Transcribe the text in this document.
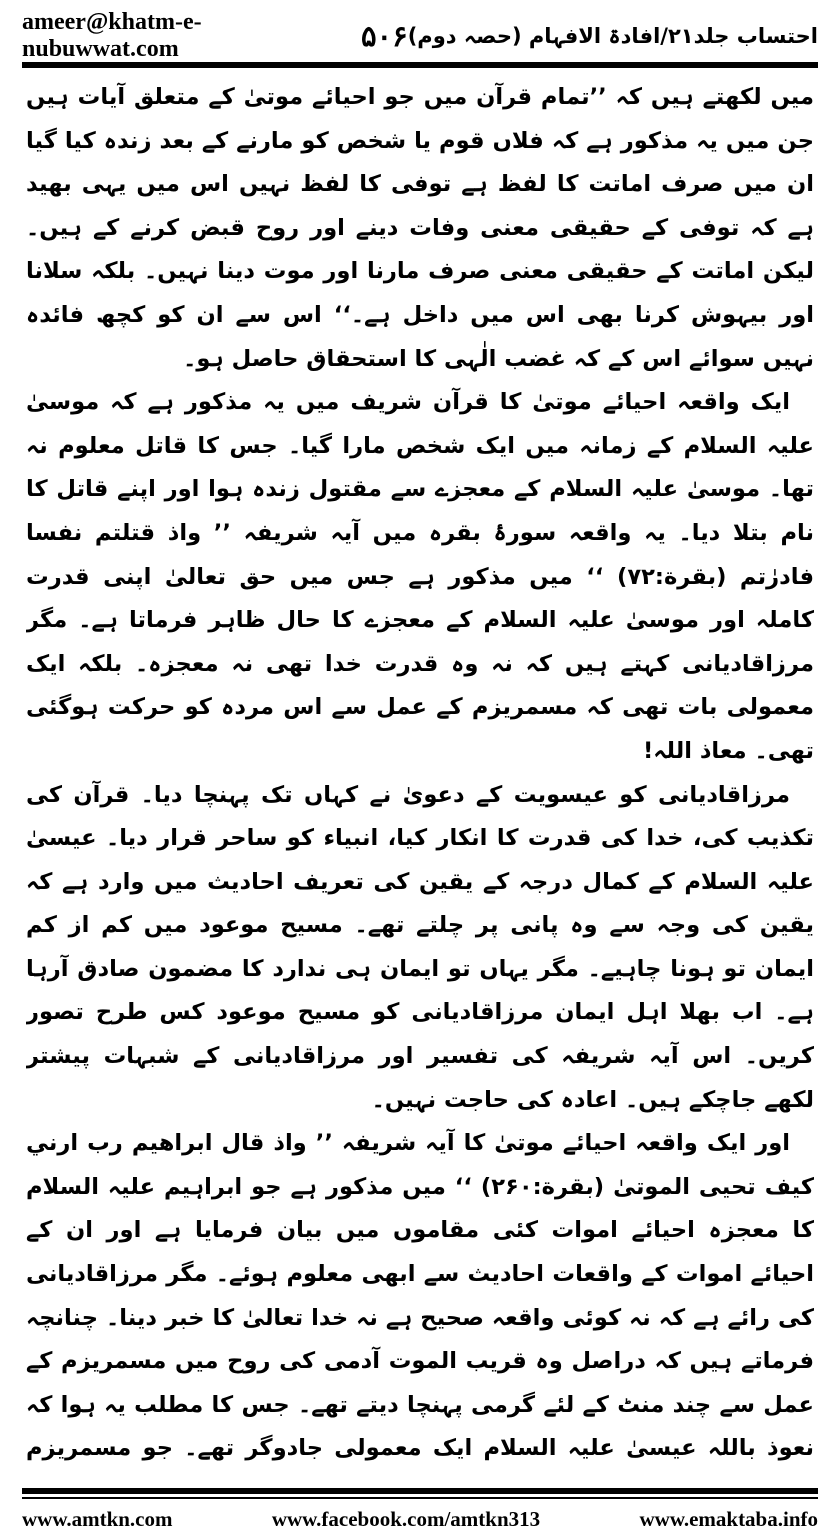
ameer@khatm-e-nubuwwat.com	۵۰۶ احتساب جلد۲۱/افادۃ الافہام (حصہ دوم)

میں لکھتے ہیں کہ ’’تمام قرآن میں جو احیائے موتیٰ کے متعلق آیات ہیں جن میں یہ مذکور ہے کہ فلاں قوم یا شخص کو مارنے کے بعد زندہ کیا گیا ان میں صرف اماتت کا لفظ ہے توفی کا لفظ نہیں اس میں یہی بھید ہے کہ توفی کے حقیقی معنی وفات دینے اور روح قبض کرنے کے ہیں۔ لیکن اماتت کے حقیقی معنی صرف مارنا اور موت دینا نہیں۔ بلکہ سلانا اور بیہوش کرنا بھی اس میں داخل ہے۔‘‘ اس سے ان کو کچھ فائدہ نہیں سوائے اس کے کہ غضب الٰہی کا استحقاق حاصل ہو۔

ایک واقعہ احیائے موتیٰ کا قرآن شریف میں یہ مذکور ہے کہ موسیٰ علیہ السلام کے زمانہ میں ایک شخص مارا گیا۔ جس کا قاتل معلوم نہ تھا۔ موسیٰ علیہ السلام کے معجزے سے مقتول زندہ ہوا اور اپنے قاتل کا نام بتلا دیا۔ یہ واقعہ سورۂ بقرہ میں آیہ شریفہ ’’ واذ قتلتم نفسا فادرٰتم (بقرة:۷۲) ‘‘ میں مذکور ہے جس میں حق تعالیٰ اپنی قدرت کاملہ اور موسیٰ علیہ السلام کے معجزے کا حال ظاہر فرماتا ہے۔ مگر مرزاقادیانی کہتے ہیں کہ نہ وہ قدرت خدا تھی نہ معجزہ۔ بلکہ ایک معمولی بات تھی کہ مسمریزم کے عمل سے اس مردہ کو حرکت ہوگئی تھی۔ معاذ اللہ!

مرزاقادیانی کو عیسویت کے دعویٰ نے کہاں تک پہنچا دیا۔ قرآن کی تکذیب کی، خدا کی قدرت کا انکار کیا، انبیاء کو ساحر قرار دیا۔ عیسیٰ علیہ السلام کے کمال درجہ کے یقین کی تعریف احادیث میں وارد ہے کہ یقین کی وجہ سے وہ پانی پر چلتے تھے۔ مسیح موعود میں کم از کم ایمان تو ہونا چاہیے۔ مگر یہاں تو ایمان ہی ندارد کا مضمون صادق آرہا ہے۔ اب بھلا اہل ایمان مرزاقادیانی کو مسیح موعود کس طرح تصور کریں۔ اس آیہ شریفہ کی تفسیر اور مرزاقادیانی کے شبہات پیشتر لکھے جاچکے ہیں۔ اعادہ کی حاجت نہیں۔

اور ایک واقعہ احیائے موتیٰ کا آیہ شریفہ ’’ واذ قال ابراهيم رب ارني كيف تحيى الموتىٰ (بقرة:۲۶۰) ‘‘ میں مذکور ہے جو ابراہیم علیہ السلام کا معجزہ احیائے اموات کئی مقاموں میں بیان فرمایا ہے اور ان کے احیائے اموات کے واقعات احادیث سے ابھی معلوم ہوئے۔ مگر مرزاقادیانی کی رائے ہے کہ نہ کوئی واقعہ صحیح ہے نہ خدا تعالیٰ کا خبر دینا۔ چنانچہ فرماتے ہیں کہ دراصل وہ قریب الموت آدمی کی روح میں مسمریزم کے عمل سے چند منٹ کے لئے گرمی پہنچا دیتے تھے۔ جس کا مطلب یہ ہوا کہ نعوذ باللہ عیسیٰ علیہ السلام ایک معمولی جادوگر تھے۔ جو مسمریزم

www.amtkn.com	www.facebook.com/amtkn313	www.emaktaba.info
